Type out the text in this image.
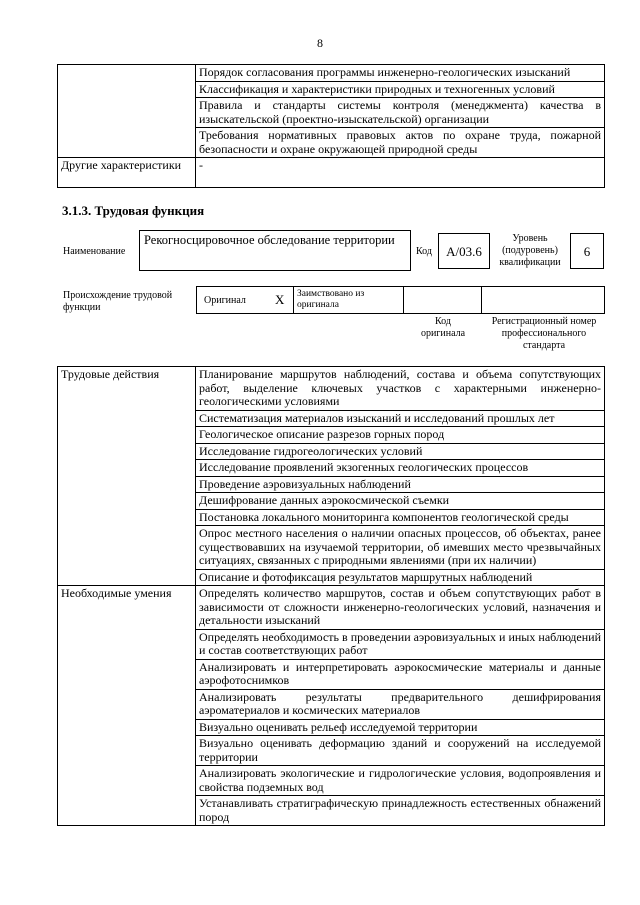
8
	Порядок согласования программы инженерно-геологических изысканий
	Классификация и характеристики природных и техногенных условий
	Правила и стандарты системы контроля (менеджмента) качества в изыскательской (проектно-изыскательской) организации
	Требования нормативных правовых актов по охране труда, пожарной безопасности и охране окружающей природной среды
Другие характеристики	-
3.1.3. Трудовая функция
Наименование
Рекогносцировочное обследование территории
Код	А/03.6
Уровень (подуровень) квалификации
6
Происхождение трудовой функции
Оригинал X Заимствовано из оригинала
Код оригинала
Регистрационный номер профессионального стандарта
Трудовые действия	Планирование маршрутов наблюдений, состава и объема сопутствующих работ, выделение ключевых участков с характерными инженерно-геологическими условиями
	Систематизация материалов изысканий и исследований прошлых лет
	Геологическое описание разрезов горных пород
	Исследование гидрогеологических условий
	Исследование проявлений экзогенных геологических процессов
	Проведение аэровизуальных наблюдений
	Дешифрование данных аэрокосмической съемки
	Постановка локального мониторинга компонентов геологической среды
	Опрос местного населения о наличии опасных процессов, об объектах, ранее существовавших на изучаемой территории, об имевших место чрезвычайных ситуациях, связанных с природными явлениями (при их наличии)
	Описание и фотофиксация результатов маршрутных наблюдений
Необходимые умения	Определять количество маршрутов, состав и объем сопутствующих работ в зависимости от сложности инженерно-геологических условий, назначения и детальности изысканий
	Определять необходимость в проведении аэровизуальных и иных наблюдений и состав соответствующих работ
	Анализировать и интерпретировать аэрокосмические материалы и данные аэрофотоснимков
	Анализировать результаты предварительного дешифрирования аэроматериалов и космических материалов
	Визуально оценивать рельеф исследуемой территории
	Визуально оценивать деформацию зданий и сооружений на исследуемой территории
	Анализировать экологические и гидрологические условия, водопроявления и свойства подземных вод
	Устанавливать стратиграфическую принадлежность естественных обнажений пород
